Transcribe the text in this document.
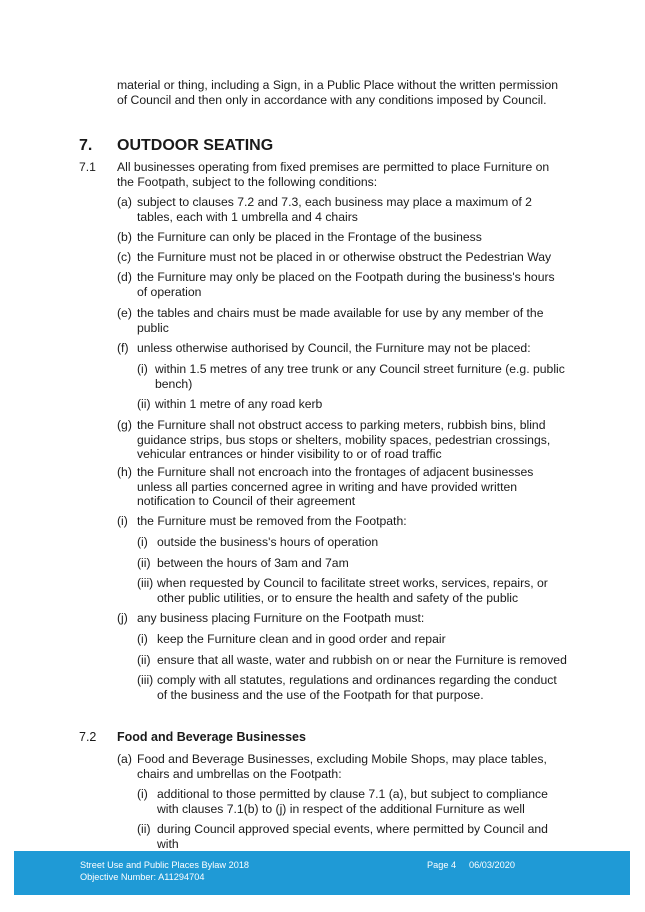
material or thing, including a Sign, in a Public Place without the written permission of Council and then only in accordance with any conditions imposed by Council.

7. OUTDOOR SEATING
7.1 All businesses operating from fixed premises are permitted to place Furniture on the Footpath, subject to the following conditions:

(a) subject to clauses 7.2 and 7.3, each business may place a maximum of 2 tables, each with 1 umbrella and 4 chairs
(b) the Furniture can only be placed in the Frontage of the business
(c) the Furniture must not be placed in or otherwise obstruct the Pedestrian Way
(d) the Furniture may only be placed on the Footpath during the business's hours of operation
(e) the tables and chairs must be made available for use by any member of the public
(f) unless otherwise authorised by Council, the Furniture may not be placed:
(i) within 1.5 metres of any tree trunk or any Council street furniture (e.g. public bench)
(ii) within 1 metre of any road kerb
(g) the Furniture shall not obstruct access to parking meters, rubbish bins, blind guidance strips, bus stops or shelters, mobility spaces, pedestrian crossings, vehicular entrances or hinder visibility to or of road traffic
(h) the Furniture shall not encroach into the frontages of adjacent businesses unless all parties concerned agree in writing and have provided written notification to Council of their agreement
(i) the Furniture must be removed from the Footpath:
(i) outside the business's hours of operation
(ii) between the hours of 3am and 7am
(iii) when requested by Council to facilitate street works, services, repairs, or other public utilities, or to ensure the health and safety of the public
(j) any business placing Furniture on the Footpath must:
(i) keep the Furniture clean and in good order and repair
(ii) ensure that all waste, water and rubbish on or near the Furniture is removed
(iii) comply with all statutes, regulations and ordinances regarding the conduct of the business and the use of the Footpath for that purpose.
7.2 Food and Beverage Businesses
(a) Food and Beverage Businesses, excluding Mobile Shops, may place tables, chairs and umbrellas on the Footpath:
(i) additional to those permitted by clause 7.1 (a), but subject to compliance with clauses 7.1(b) to (j) in respect of the additional Furniture as well
(ii) during Council approved special events, where permitted by Council and with

Street Use and Public Places Bylaw 2018

Objective Number: A11294704

Page 4 06/03/2020
